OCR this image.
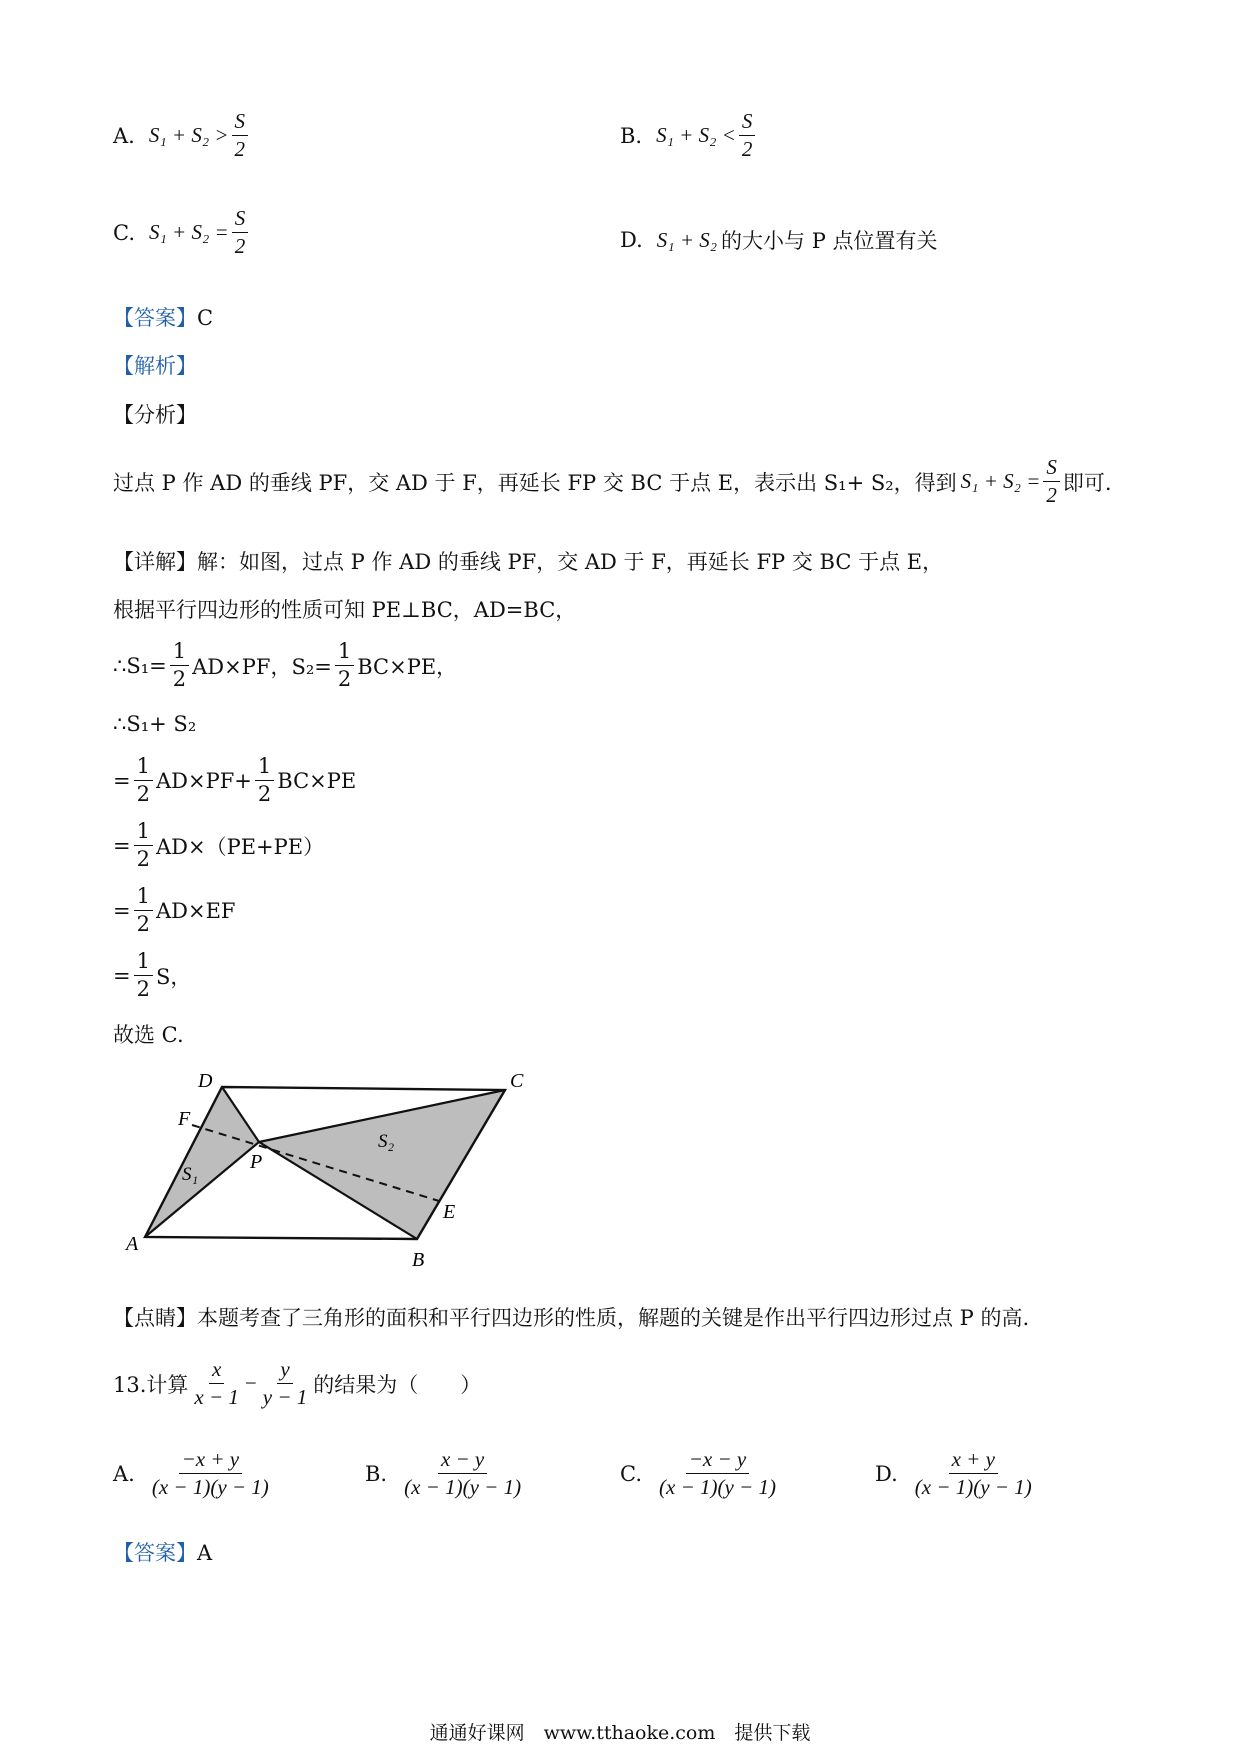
A. $S_1 + S_2 > \frac{S}{2}$	B. $S_1 + S_2 < \frac{S}{2}$
C. $S_1 + S_2 = \frac{S}{2}$	D. S₁ + S₂ 的大小与 P 点位置有关
【答案】C
【解析】
【分析】
过点 P 作 AD 的垂线 PF，交 AD 于 F，再延长 FP 交 BC 于点 E，表示出 S₁+ S₂，得到 $S_1 + S_2 = \frac{S}{2}$ 即可.
【详解】解：如图，过点 P 作 AD 的垂线 PF，交 AD 于 F，再延长 FP 交 BC 于点 E，
根据平行四边形的性质可知 PE⊥BC，AD=BC，
∴S₁= $\frac{1}{2} AD\times PF$，$S_2= \frac{1}{2} BC\times PE$，
∴S₁+ S₂
= $\frac{1}{2} AD\times PF+ \frac{1}{2} BC\times PE$
= $\frac{1}{2} AD\times(PE+PE)$
= $\frac{1}{2} AD\times EF$
= $\frac{1}{2}$ S，
故选 C.
D	C
F
P
S₁
S₂
E
A
B
【点睛】本题考查了三角形的面积和平行四边形的性质，解题的关键是作出平行四边形过点 P 的高.
13.计算 $\frac{x}{x - 1} - \frac{y}{y - 1}$ 的结果为（　　）
A. $\frac{-x + y}{(x - 1)(y - 1)}$	B. $\frac{x - y}{(x - 1)(y - 1)}$	C. $\frac{-x - y}{(x - 1)(y - 1)}$	D. $\frac{x + y}{(x - 1)(y - 1)}$
【答案】A
通通好课网　www.tthaoke.com　提供下载
